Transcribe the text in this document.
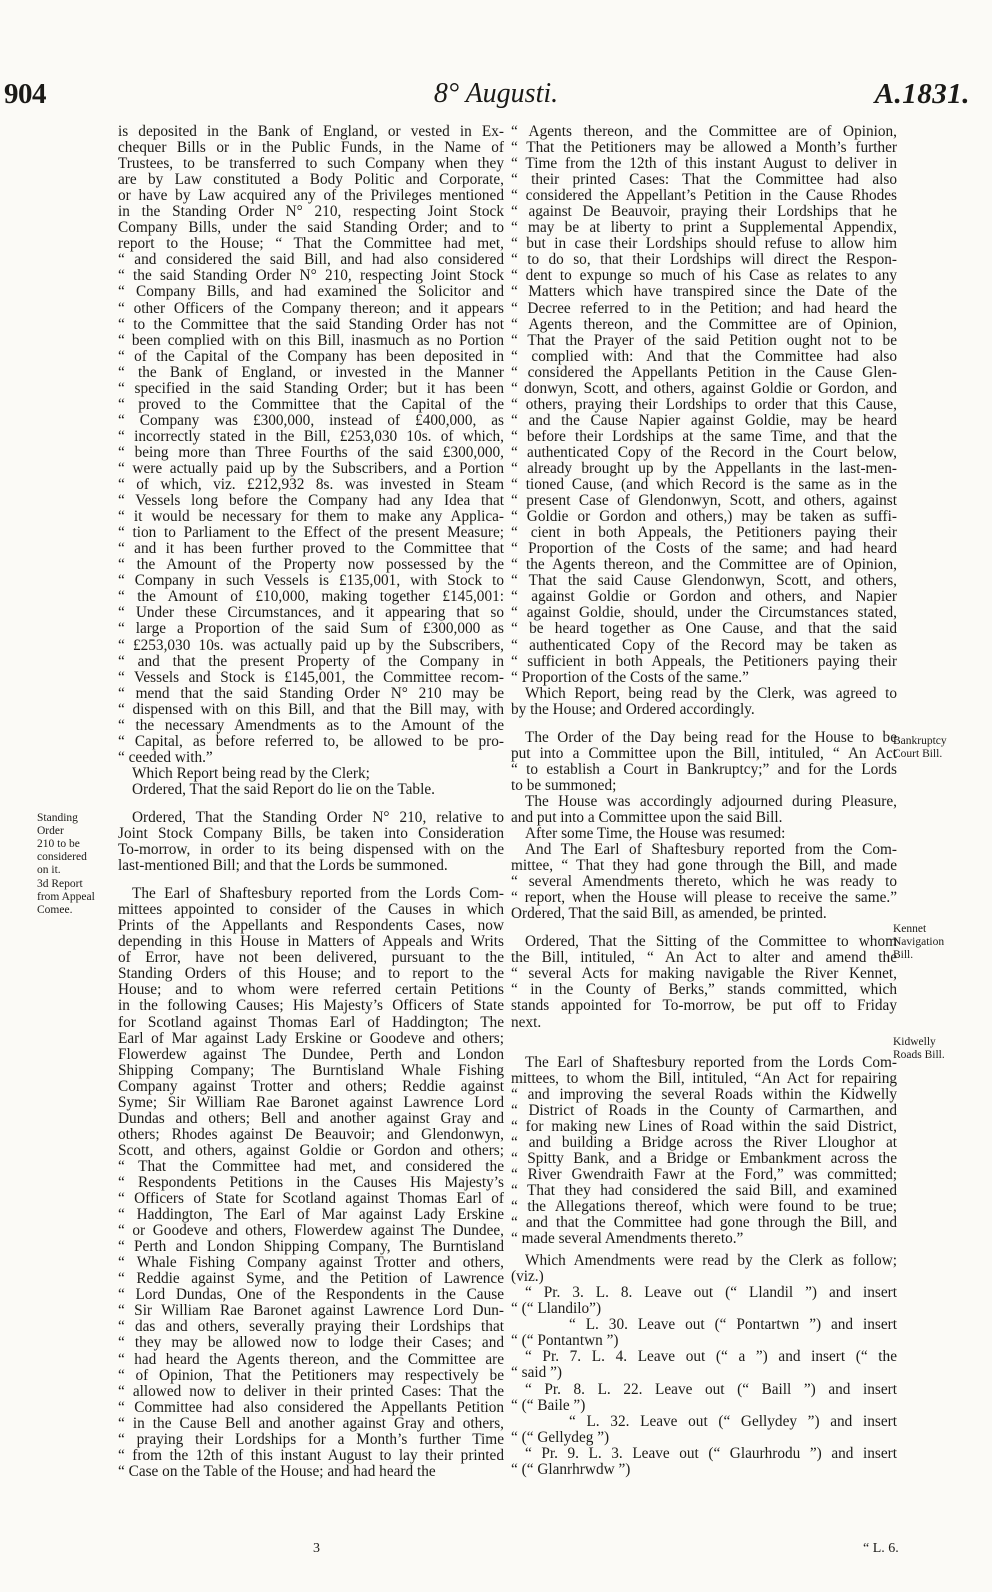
904	8° Augusti.	A.1831.

is deposited in the Bank of England, or vested in Ex-

chequer Bills or in the Public Funds, in the Name of

Trustees, to be transferred to such Company when they

are by Law constituted a Body Politic and Corporate,

or have by Law acquired any of the Privileges mentioned

in the Standing Order N° 210, respecting Joint Stock

Company Bills, under the said Standing Order; and to

report to the House; “ That the Committee had met,

“ and considered the said Bill, and had also considered

“ the said Standing Order N° 210, respecting Joint Stock

“ Company Bills, and had examined the Solicitor and

“ other Officers of the Company thereon; and it appears

“ to the Committee that the said Standing Order has not

“ been complied with on this Bill, inasmuch as no Portion

“ of the Capital of the Company has been deposited in

“ the Bank of England, or invested in the Manner

“ specified in the said Standing Order; but it has been

“ proved to the Committee that the Capital of the

“ Company was £300,000, instead of £400,000, as

“ incorrectly stated in the Bill, £253,030 10s. of which,

“ being more than Three Fourths of the said £300,000,

“ were actually paid up by the Subscribers, and a Portion

“ of which, viz. £212,932 8s. was invested in Steam

“ Vessels long before the Company had any Idea that

“ it would be necessary for them to make any Applica-

“ tion to Parliament to the Effect of the present Measure;

“ and it has been further proved to the Committee that

“ the Amount of the Property now possessed by the

“ Company in such Vessels is £135,001, with Stock to

“ the Amount of £10,000, making together £145,001:

“ Under these Circumstances, and it appearing that so

“ large a Proportion of the said Sum of £300,000 as

“ £253,030 10s. was actually paid up by the Subscribers,

“ and that the present Property of the Company in

“ Vessels and Stock is £145,001, the Committee recom-

“ mend that the said Standing Order N° 210 may be

“ dispensed with on this Bill, and that the Bill may, with

“ the necessary Amendments as to the Amount of the

“ Capital, as before referred to, be allowed to be pro-

“ ceeded with.”

Which Report being read by the Clerk;

Ordered, That the said Report do lie on the Table.

Ordered, That the Standing Order N° 210, relative to

Joint Stock Company Bills, be taken into Consideration

To-morrow, in order to its being dispensed with on the

last-mentioned Bill; and that the Lords be summoned.

The Earl of Shaftesbury reported from the Lords Com-

mittees appointed to consider of the Causes in which

Prints of the Appellants and Respondents Cases, now

depending in this House in Matters of Appeals and Writs

of Error, have not been delivered, pursuant to the

Standing Orders of this House; and to report to the

House; and to whom were referred certain Petitions

in the following Causes; His Majesty’s Officers of State

for Scotland against Thomas Earl of Haddington; The

Earl of Mar against Lady Erskine or Goodeve and others;

Flowerdew against The Dundee, Perth and London

Shipping Company; The Burntisland Whale Fishing

Company against Trotter and others; Reddie against

Syme; Sir William Rae Baronet against Lawrence Lord

Dundas and others; Bell and another against Gray and

others; Rhodes against De Beauvoir; and Glendonwyn,

Scott, and others, against Goldie or Gordon and others;

“ That the Committee had met, and considered the

“ Respondents Petitions in the Causes His Majesty’s

“ Officers of State for Scotland against Thomas Earl of

“ Haddington, The Earl of Mar against Lady Erskine

“ or Goodeve and others, Flowerdew against The Dundee,

“ Perth and London Shipping Company, The Burntisland

“ Whale Fishing Company against Trotter and others,

“ Reddie against Syme, and the Petition of Lawrence

“ Lord Dundas, One of the Respondents in the Cause

“ Sir William Rae Baronet against Lawrence Lord Dun-

“ das and others, severally praying their Lordships that

“ they may be allowed now to lodge their Cases; and

“ had heard the Agents thereon, and the Committee are

“ of Opinion, That the Petitioners may respectively be

“ allowed now to deliver in their printed Cases: That the

“ Committee had also considered the Appellants Petition

“ in the Cause Bell and another against Gray and others,

“ praying their Lordships for a Month’s further Time

“ from the 12th of this instant August to lay their printed

“ Case on the Table of the House; and had heard the

“ Agents thereon, and the Committee are of Opinion,

“ That the Petitioners may be allowed a Month’s further

“ Time from the 12th of this instant August to deliver in

“ their printed Cases: That the Committee had also

“ considered the Appellant’s Petition in the Cause Rhodes

“ against De Beauvoir, praying their Lordships that he

“ may be at liberty to print a Supplemental Appendix,

“ but in case their Lordships should refuse to allow him

“ to do so, that their Lordships will direct the Respon-

“ dent to expunge so much of his Case as relates to any

“ Matters which have transpired since the Date of the

“ Decree referred to in the Petition; and had heard the

“ Agents thereon, and the Committee are of Opinion,

“ That the Prayer of the said Petition ought not to be

“ complied with: And that the Committee had also

“ considered the Appellants Petition in the Cause Glen-

“ donwyn, Scott, and others, against Goldie or Gordon, and

“ others, praying their Lordships to order that this Cause,

“ and the Cause Napier against Goldie, may be heard

“ before their Lordships at the same Time, and that the

“ authenticated Copy of the Record in the Court below,

“ already brought up by the Appellants in the last-men-

“ tioned Cause, (and which Record is the same as in the

“ present Case of Glendonwyn, Scott, and others, against

“ Goldie or Gordon and others,) may be taken as suffi-

“ cient in both Appeals, the Petitioners paying their

“ Proportion of the Costs of the same; and had heard

“ the Agents thereon, and the Committee are of Opinion,

“ That the said Cause Glendonwyn, Scott, and others,

“ against Goldie or Gordon and others, and Napier

“ against Goldie, should, under the Circumstances stated,

“ be heard together as One Cause, and that the said

“ authenticated Copy of the Record may be taken as

“ sufficient in both Appeals, the Petitioners paying their

“ Proportion of the Costs of the same.”

Which Report, being read by the Clerk, was agreed to

by the House; and Ordered accordingly.

The Order of the Day being read for the House to be

put into a Committee upon the Bill, intituled, “ An Act

“ to establish a Court in Bankruptcy;” and for the Lords

to be summoned;

The House was accordingly adjourned during Pleasure,

and put into a Committee upon the said Bill.

After some Time, the House was resumed:

And The Earl of Shaftesbury reported from the Com-

mittee, “ That they had gone through the Bill, and made

“ several Amendments thereto, which he was ready to

“ report, when the House will please to receive the same.”

Ordered, That the said Bill, as amended, be printed.

Ordered, That the Sitting of the Committee to whom

the Bill, intituled, “ An Act to alter and amend the

“ several Acts for making navigable the River Kennet,

“ in the County of Berks,” stands committed, which

stands appointed for To-morrow, be put off to Friday

next.

The Earl of Shaftesbury reported from the Lords Com-

mittees, to whom the Bill, intituled, “An Act for repairing

“ and improving the several Roads within the Kidwelly

“ District of Roads in the County of Carmarthen, and

“ for making new Lines of Road within the said District,

“ and building a Bridge across the River Lloughor at

“ Spitty Bank, and a Bridge or Embankment across the

“ River Gwendraith Fawr at the Ford,” was committed;

“ That they had considered the said Bill, and examined

“ the Allegations thereof, which were found to be true;

“ and that the Committee had gone through the Bill, and

“ made several Amendments thereto.”

Which Amendments were read by the Clerk as follow;

(viz.)

“ Pr. 3. L. 8. Leave out (“ Llandil ”) and insert

“ (“ Llandilo”)

“ L. 30. Leave out (“ Pontartwn ”) and insert

“ (“ Pontantwn ”)

“ Pr. 7. L. 4. Leave out (“ a ”) and insert (“ the

“ said ”)

“ Pr. 8. L. 22. Leave out (“ Baill ”) and insert

“ (“ Baile ”)

“ L. 32. Leave out (“ Gellydey ”) and insert

“ (“ Gellydeg ”)

“ Pr. 9. L. 3. Leave out (“ Glaurhrodu ”) and insert

“ (“ Glanrhrwdw ”)

Standing
Order
210 to be
considered
on it.
3d Report
from Appeal
Comee.
Bankruptcy
Court Bill.
Kennet
Navigation
Bill.
Kidwelly
Roads Bill.
3	“ L. 6.
